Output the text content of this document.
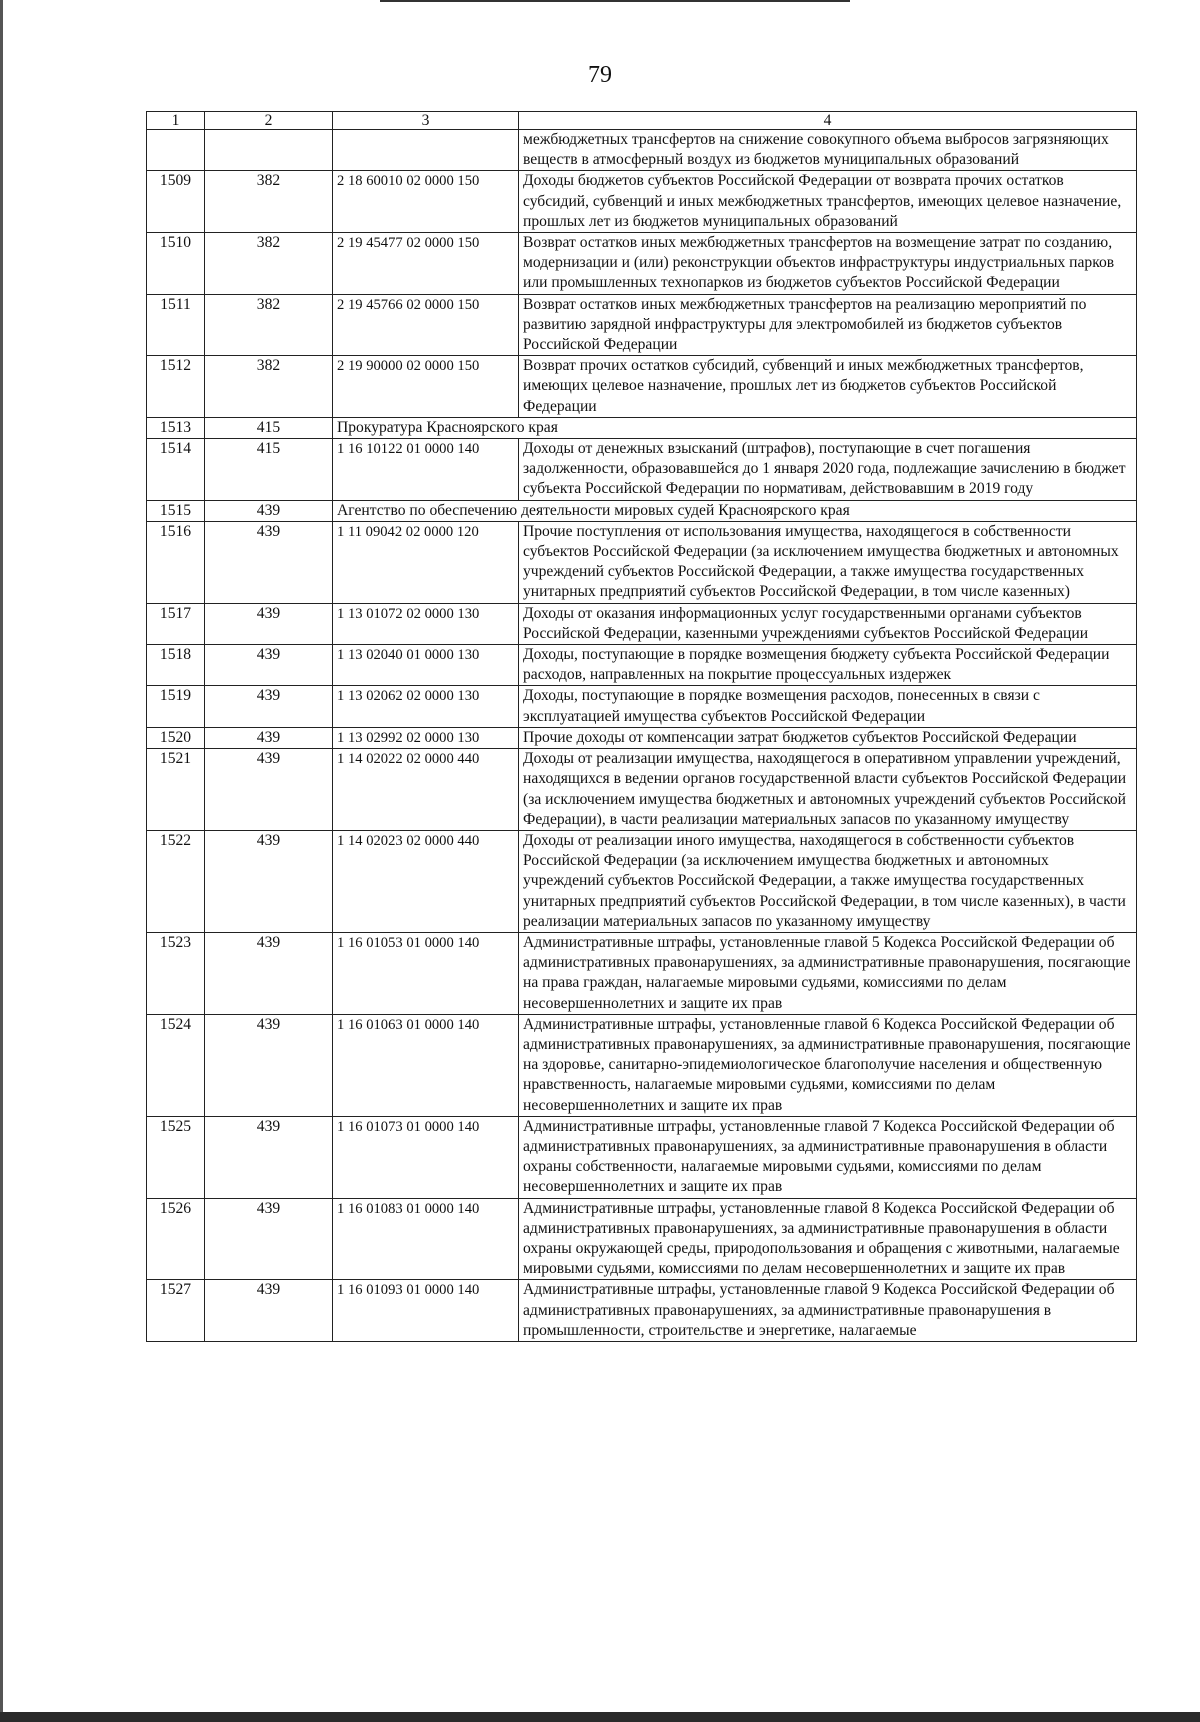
79
1	2	3	4
			межбюджетных трансфертов на снижение совокупного объема выбросов загрязняющих веществ в атмосферный воздух из бюджетов муниципальных образований
1509	382	2 18 60010 02 0000 150	Доходы бюджетов субъектов Российской Федерации от возврата прочих остатков субсидий, субвенций и иных межбюджетных трансфертов, имеющих целевое назначение, прошлых лет из бюджетов муниципальных образований
1510	382	2 19 45477 02 0000 150	Возврат остатков иных межбюджетных трансфертов на возмещение затрат по созданию, модернизации и (или) реконструкции объектов инфраструктуры индустриальных парков или промышленных технопарков из бюджетов субъектов Российской Федерации
1511	382	2 19 45766 02 0000 150	Возврат остатков иных межбюджетных трансфертов на реализацию мероприятий по развитию зарядной инфраструктуры для электромобилей из бюджетов субъектов Российской Федерации
1512	382	2 19 90000 02 0000 150	Возврат прочих остатков субсидий, субвенций и иных межбюджетных трансфертов, имеющих целевое назначение, прошлых лет из бюджетов субъектов Российской Федерации
1513	415	Прокуратура Красноярского края	
1514	415	1 16 10122 01 0000 140	Доходы от денежных взысканий (штрафов), поступающие в счет погашения задолженности, образовавшейся до 1 января 2020 года, подлежащие зачислению в бюджет субъекта Российской Федерации по нормативам, действовавшим в 2019 году
1515	439	Агентство по обеспечению деятельности мировых судей Красноярского края	
1516	439	1 11 09042 02 0000 120	Прочие поступления от использования имущества, находящегося в собственности субъектов Российской Федерации (за исключением имущества бюджетных и автономных учреждений субъектов Российской Федерации, а также имущества государственных унитарных предприятий субъектов Российской Федерации, в том числе казенных)
1517	439	1 13 01072 02 0000 130	Доходы от оказания информационных услуг государственными органами субъектов Российской Федерации, казенными учреждениями субъектов Российской Федерации
1518	439	1 13 02040 01 0000 130	Доходы, поступающие в порядке возмещения бюджету субъекта Российской Федерации расходов, направленных на покрытие процессуальных издержек
1519	439	1 13 02062 02 0000 130	Доходы, поступающие в порядке возмещения расходов, понесенных в связи с эксплуатацией имущества субъектов Российской Федерации
1520	439	1 13 02992 02 0000 130	Прочие доходы от компенсации затрат бюджетов субъектов Российской Федерации
1521	439	1 14 02022 02 0000 440	Доходы от реализации имущества, находящегося в оперативном управлении учреждений, находящихся в ведении органов государственной власти субъектов Российской Федерации (за исключением имущества бюджетных и автономных учреждений субъектов Российской Федерации), в части реализации материальных запасов по указанному имуществу
1522	439	1 14 02023 02 0000 440	Доходы от реализации иного имущества, находящегося в собственности субъектов Российской Федерации (за исключением имущества бюджетных и автономных учреждений субъектов Российской Федерации, а также имущества государственных унитарных предприятий субъектов Российской Федерации, в том числе казенных), в части реализации материальных запасов по указанному имуществу
1523	439	1 16 01053 01 0000 140	Административные штрафы, установленные главой 5 Кодекса Российской Федерации об административных правонарушениях, за административные правонарушения, посягающие на права граждан, налагаемые мировыми судьями, комиссиями по делам несовершеннолетних и защите их прав
1524	439	1 16 01063 01 0000 140	Административные штрафы, установленные главой 6 Кодекса Российской Федерации об административных правонарушениях, за административные правонарушения, посягающие на здоровье, санитарно-эпидемиологическое благополучие населения и общественную нравственность, налагаемые мировыми судьями, комиссиями по делам несовершеннолетних и защите их прав
1525	439	1 16 01073 01 0000 140	Административные штрафы, установленные главой 7 Кодекса Российской Федерации об административных правонарушениях, за административные правонарушения в области охраны собственности, налагаемые мировыми судьями, комиссиями по делам несовершеннолетних и защите их прав
1526	439	1 16 01083 01 0000 140	Административные штрафы, установленные главой 8 Кодекса Российской Федерации об административных правонарушениях, за административные правонарушения в области охраны окружающей среды, природопользования и обращения с животными, налагаемые мировыми судьями, комиссиями по делам несовершеннолетних и защите их прав
1527	439	1 16 01093 01 0000 140	Административные штрафы, установленные главой 9 Кодекса Российской Федерации об административных правонарушениях, за административные правонарушения в промышленности, строительстве и энергетике, налагаемые
